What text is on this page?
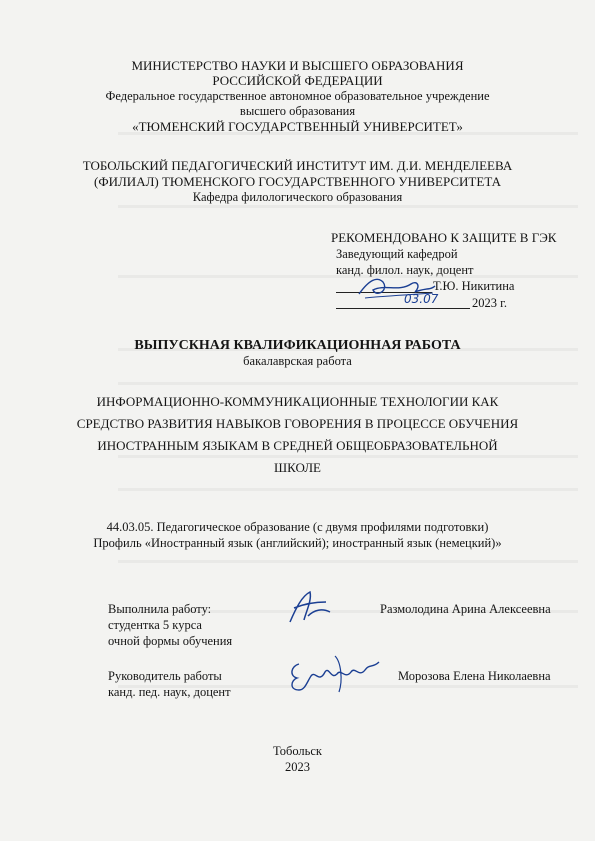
МИНИСТЕРСТВО НАУКИ И ВЫСШЕГО ОБРАЗОВАНИЯ
РОССИЙСКОЙ ФЕДЕРАЦИИ
Федеральное государственное автономное образовательное учреждение
высшего образования
«ТЮМЕНСКИЙ ГОСУДАРСТВЕННЫЙ УНИВЕРСИТЕТ»
ТОБОЛЬСКИЙ ПЕДАГОГИЧЕСКИЙ ИНСТИТУТ ИМ. Д.И. МЕНДЕЛЕЕВА
(ФИЛИАЛ) ТЮМЕНСКОГО ГОСУДАРСТВЕННОГО УНИВЕРСИТЕТА
Кафедра филологического образования
РЕКОМЕНДОВАНО К ЗАЩИТЕ В ГЭК
Заведующий кафедрой
канд. филол. наук, доцент
Т.Ю. Никитина
03.07	2023 г.
ВЫПУСКНАЯ КВАЛИФИКАЦИОННАЯ РАБОТА
бакалаврская работа
ИНФОРМАЦИОННО-КОММУНИКАЦИОННЫЕ ТЕХНОЛОГИИ КАК
СРЕДСТВО РАЗВИТИЯ НАВЫКОВ ГОВОРЕНИЯ В ПРОЦЕССЕ ОБУЧЕНИЯ
ИНОСТРАННЫМ ЯЗЫКАМ В СРЕДНЕЙ ОБЩЕОБРАЗОВАТЕЛЬНОЙ
ШКОЛЕ
44.03.05. Педагогическое образование (с двумя профилями подготовки)
Профиль «Иностранный язык (английский); иностранный язык (немецкий)»
Выполнила работу:
студентка 5 курса
очной формы обучения
Размолодина Арина Алексеевна
Руководитель работы
канд. пед. наук, доцент
Морозова Елена Николаевна
Тобольск
2023
